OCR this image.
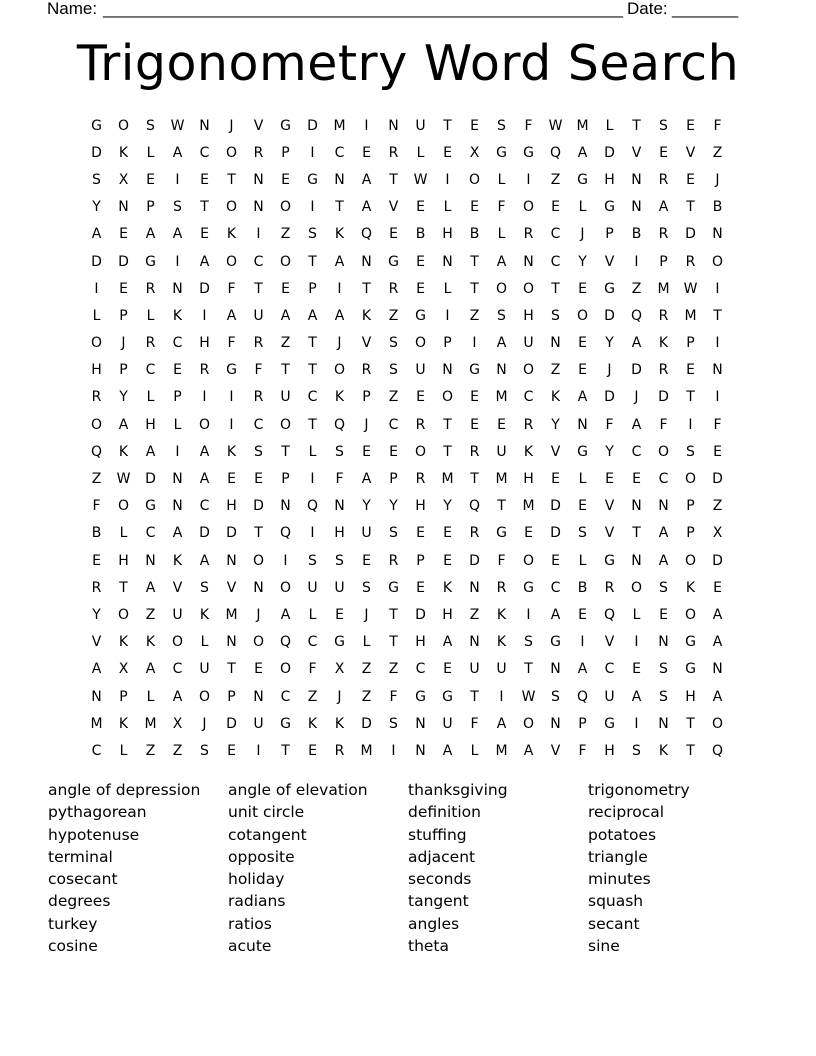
Name: _______________________________________________________ Date: _______
Trigonometry Word Search
G	O	S	W	N	J	V	G	D	M	I	N	U	T	E	S	F	W	M	L	T	S	E	F
D	K	L	A	C	O	R	P	I	C	E	R	L	E	X	G	G	Q	A	D	V	E	V	Z
S	X	E	I	E	T	N	E	G	N	A	T	W	I	O	L	I	Z	G	H	N	R	E	J
Y	N	P	S	T	O	N	O	I	T	A	V	E	L	E	F	O	E	L	G	N	A	T	B
A	E	A	A	E	K	I	Z	S	K	Q	E	B	H	B	L	R	C	J	P	B	R	D	N
D	D	G	I	A	O	C	O	T	A	N	G	E	N	T	A	N	C	Y	V	I	P	R	O
I	E	R	N	D	F	T	E	P	I	T	R	E	L	T	O	O	T	E	G	Z	M	W	I
L	P	L	K	I	A	U	A	A	A	K	Z	G	I	Z	S	H	S	O	D	Q	R	M	T
O	J	R	C	H	F	R	Z	T	J	V	S	O	P	I	A	U	N	E	Y	A	K	P	I
H	P	C	E	R	G	F	T	T	O	R	S	U	N	G	N	O	Z	E	J	D	R	E	N
R	Y	L	P	I	I	R	U	C	K	P	Z	E	O	E	M	C	K	A	D	J	D	T	I
O	A	H	L	O	I	C	O	T	Q	J	C	R	T	E	E	R	Y	N	F	A	F	I	F
Q	K	A	I	A	K	S	T	L	S	E	E	O	T	R	U	K	V	G	Y	C	O	S	E
Z	W	D	N	A	E	E	P	I	F	A	P	R	M	T	M	H	E	L	E	E	C	O	D
F	O	G	N	C	H	D	N	Q	N	Y	Y	H	Y	Q	T	M	D	E	V	N	N	P	Z
B	L	C	A	D	D	T	Q	I	H	U	S	E	E	R	G	E	D	S	V	T	A	P	X
E	H	N	K	A	N	O	I	S	S	E	R	P	E	D	F	O	E	L	G	N	A	O	D
R	T	A	V	S	V	N	O	U	U	S	G	E	K	N	R	G	C	B	R	O	S	K	E
Y	O	Z	U	K	M	J	A	L	E	J	T	D	H	Z	K	I	A	E	Q	L	E	O	A
V	K	K	O	L	N	O	Q	C	G	L	T	H	A	N	K	S	G	I	V	I	N	G	A
A	X	A	C	U	T	E	O	F	X	Z	Z	C	E	U	U	T	N	A	C	E	S	G	N
N	P	L	A	O	P	N	C	Z	J	Z	F	G	G	T	I	W	S	Q	U	A	S	H	A
M	K	M	X	J	D	U	G	K	K	D	S	N	U	F	A	O	N	P	G	I	N	T	O
C	L	Z	Z	S	E	I	T	E	R	M	I	N	A	L	M	A	V	F	H	S	K	T	Q
angle of depression	angle of elevation	thanksgiving	trigonometry
pythagorean	unit circle	definition	reciprocal
hypotenuse	cotangent	stuffing	potatoes
terminal	opposite	adjacent	triangle
cosecant	holiday	seconds	minutes
degrees	radians	tangent	squash
turkey	ratios	angles	secant
cosine	acute	theta	sine
